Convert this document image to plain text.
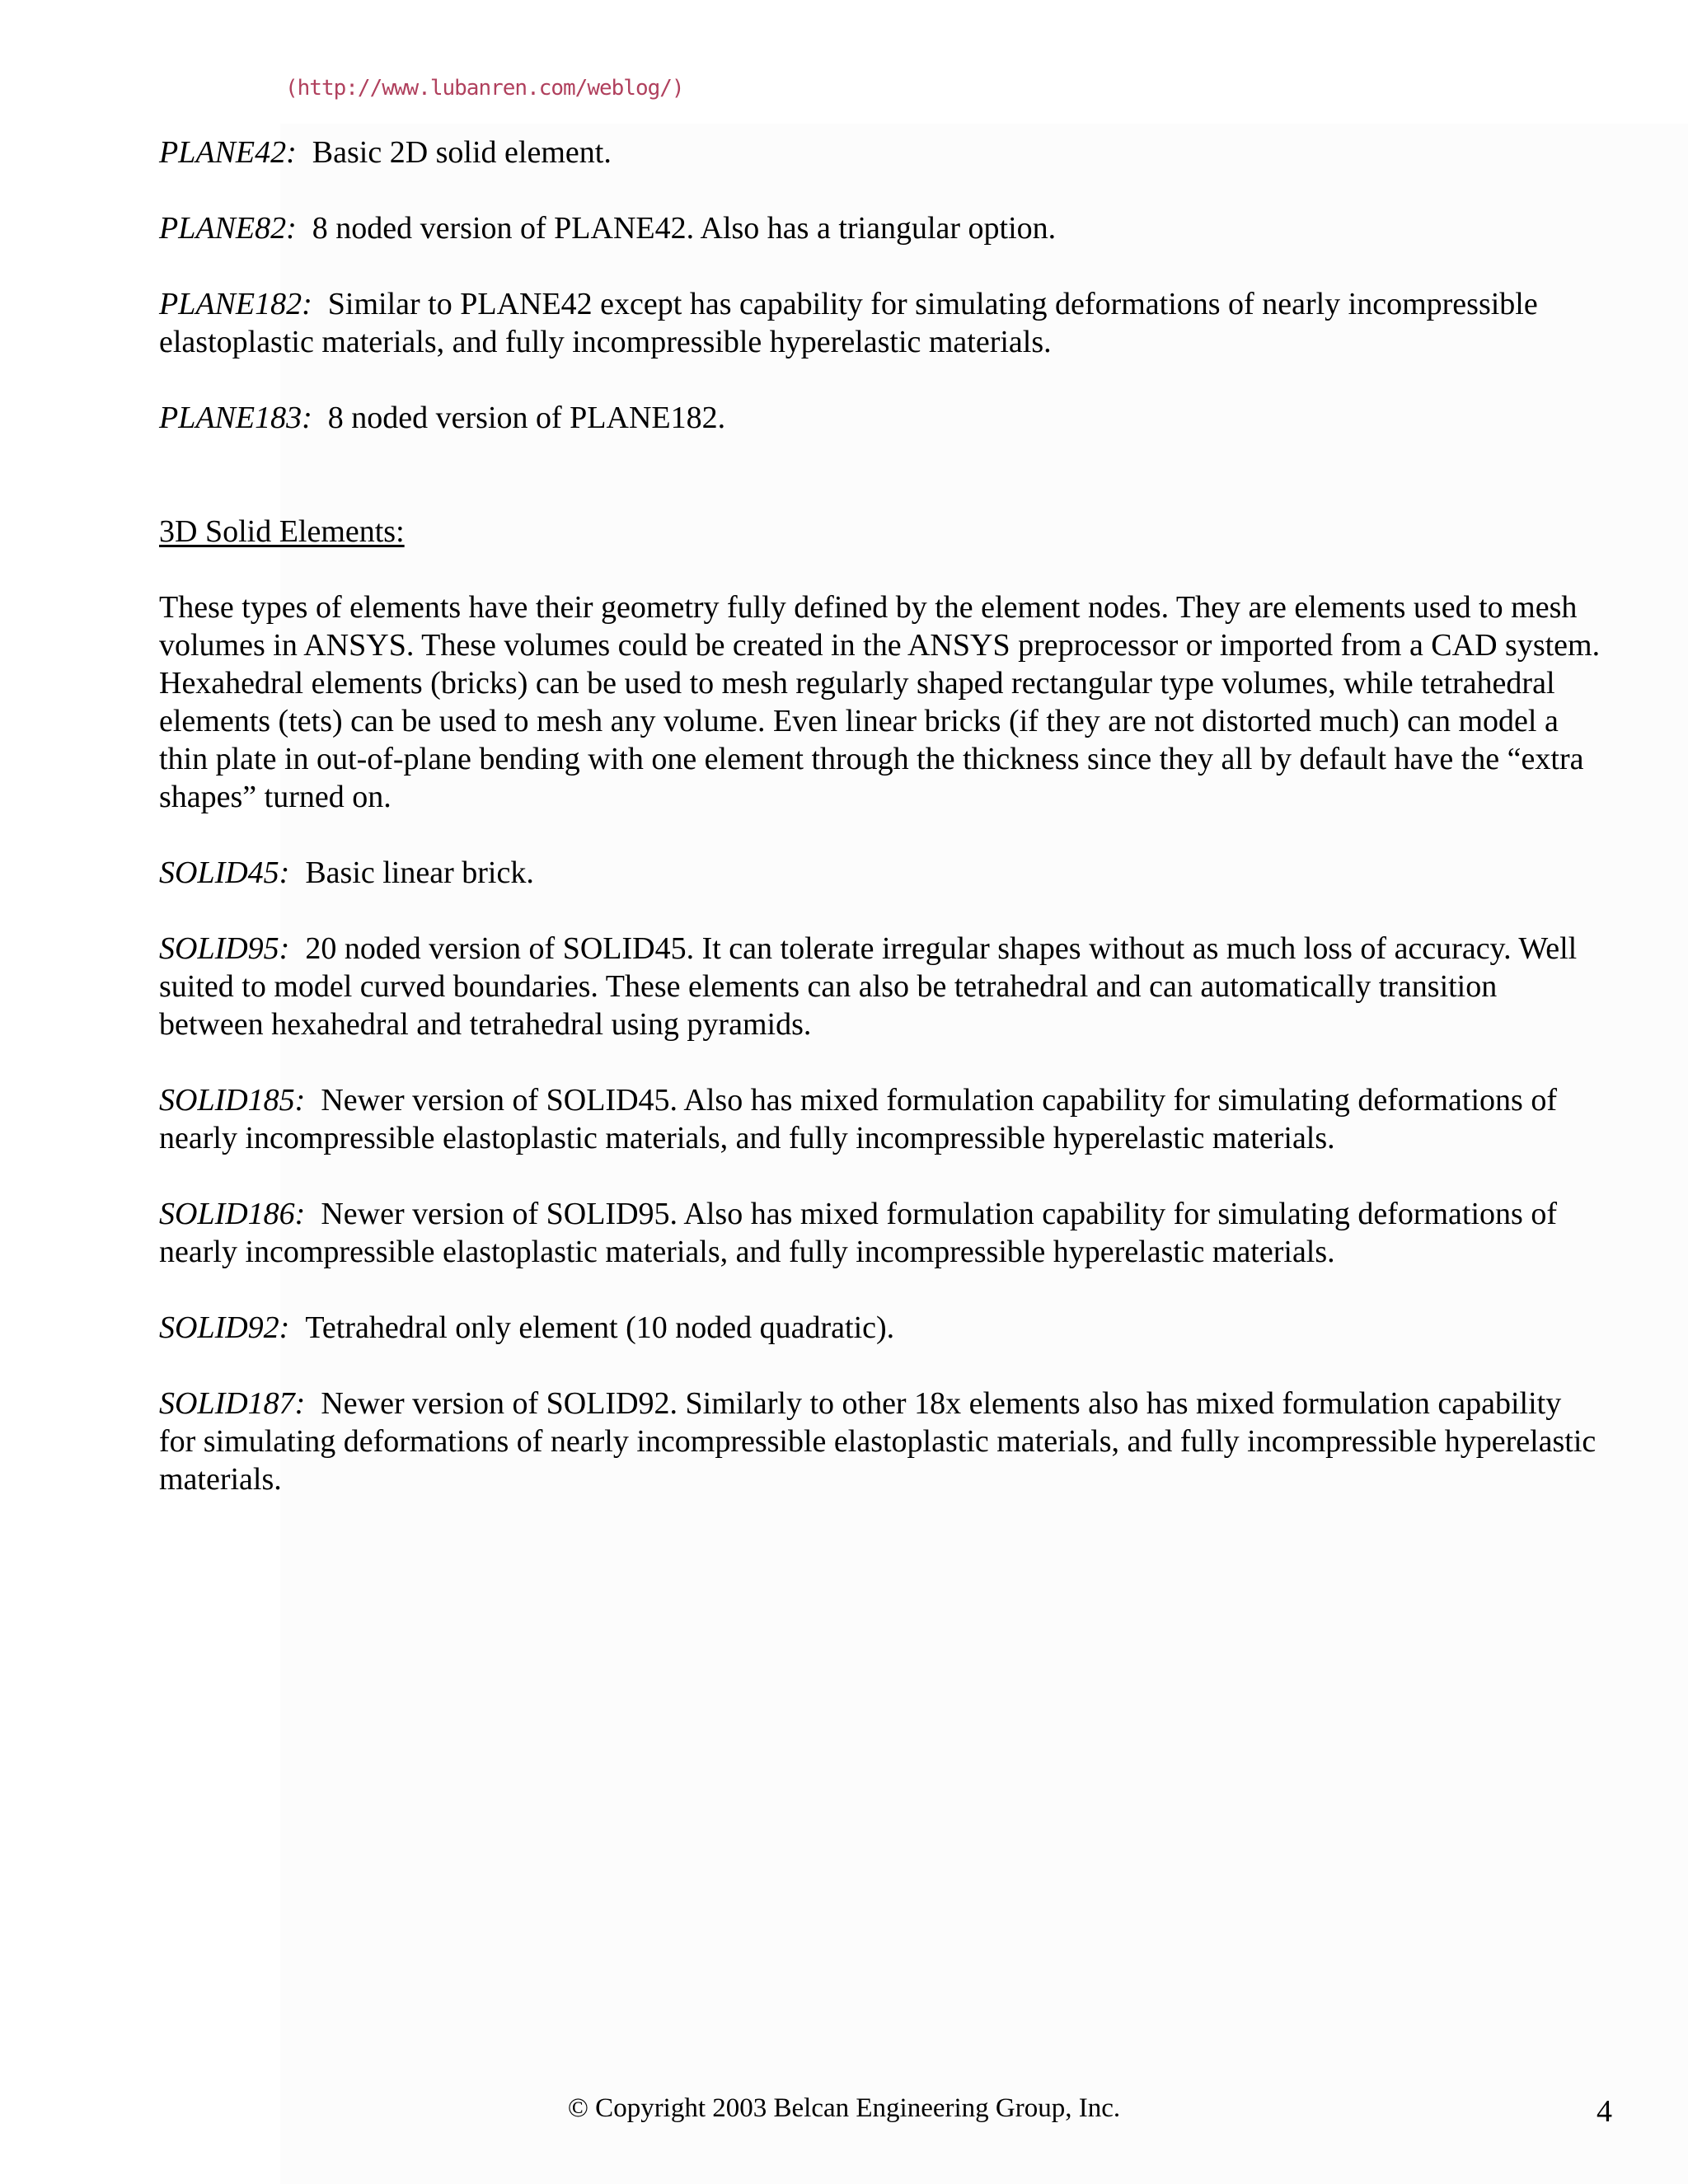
(http://www.lubanren.com/weblog/)
PLANE42: Basic 2D solid element.
PLANE82: 8 noded version of PLANE42. Also has a triangular option.
PLANE182: Similar to PLANE42 except has capability for simulating deformations of nearly incompressible elastoplastic materials, and fully incompressible hyperelastic materials.
PLANE183: 8 noded version of PLANE182.
3D Solid Elements:
These types of elements have their geometry fully defined by the element nodes. They are elements used to mesh volumes in ANSYS. These volumes could be created in the ANSYS preprocessor or imported from a CAD system. Hexahedral elements (bricks) can be used to mesh regularly shaped rectangular type volumes, while tetrahedral elements (tets) can be used to mesh any volume. Even linear bricks (if they are not distorted much) can model a thin plate in out-of-plane bending with one element through the thickness since they all by default have the “extra shapes” turned on.
SOLID45: Basic linear brick.
SOLID95: 20 noded version of SOLID45. It can tolerate irregular shapes without as much loss of accuracy. Well suited to model curved boundaries. These elements can also be tetrahedral and can automatically transition between hexahedral and tetrahedral using pyramids.
SOLID185: Newer version of SOLID45. Also has mixed formulation capability for simulating deformations of nearly incompressible elastoplastic materials, and fully incompressible hyperelastic materials.
SOLID186: Newer version of SOLID95. Also has mixed formulation capability for simulating deformations of nearly incompressible elastoplastic materials, and fully incompressible hyperelastic materials.
SOLID92: Tetrahedral only element (10 noded quadratic).
SOLID187: Newer version of SOLID92. Similarly to other 18x elements also has mixed formulation capability for simulating deformations of nearly incompressible elastoplastic materials, and fully incompressible hyperelastic materials.
© Copyright 2003 Belcan Engineering Group, Inc.	4
